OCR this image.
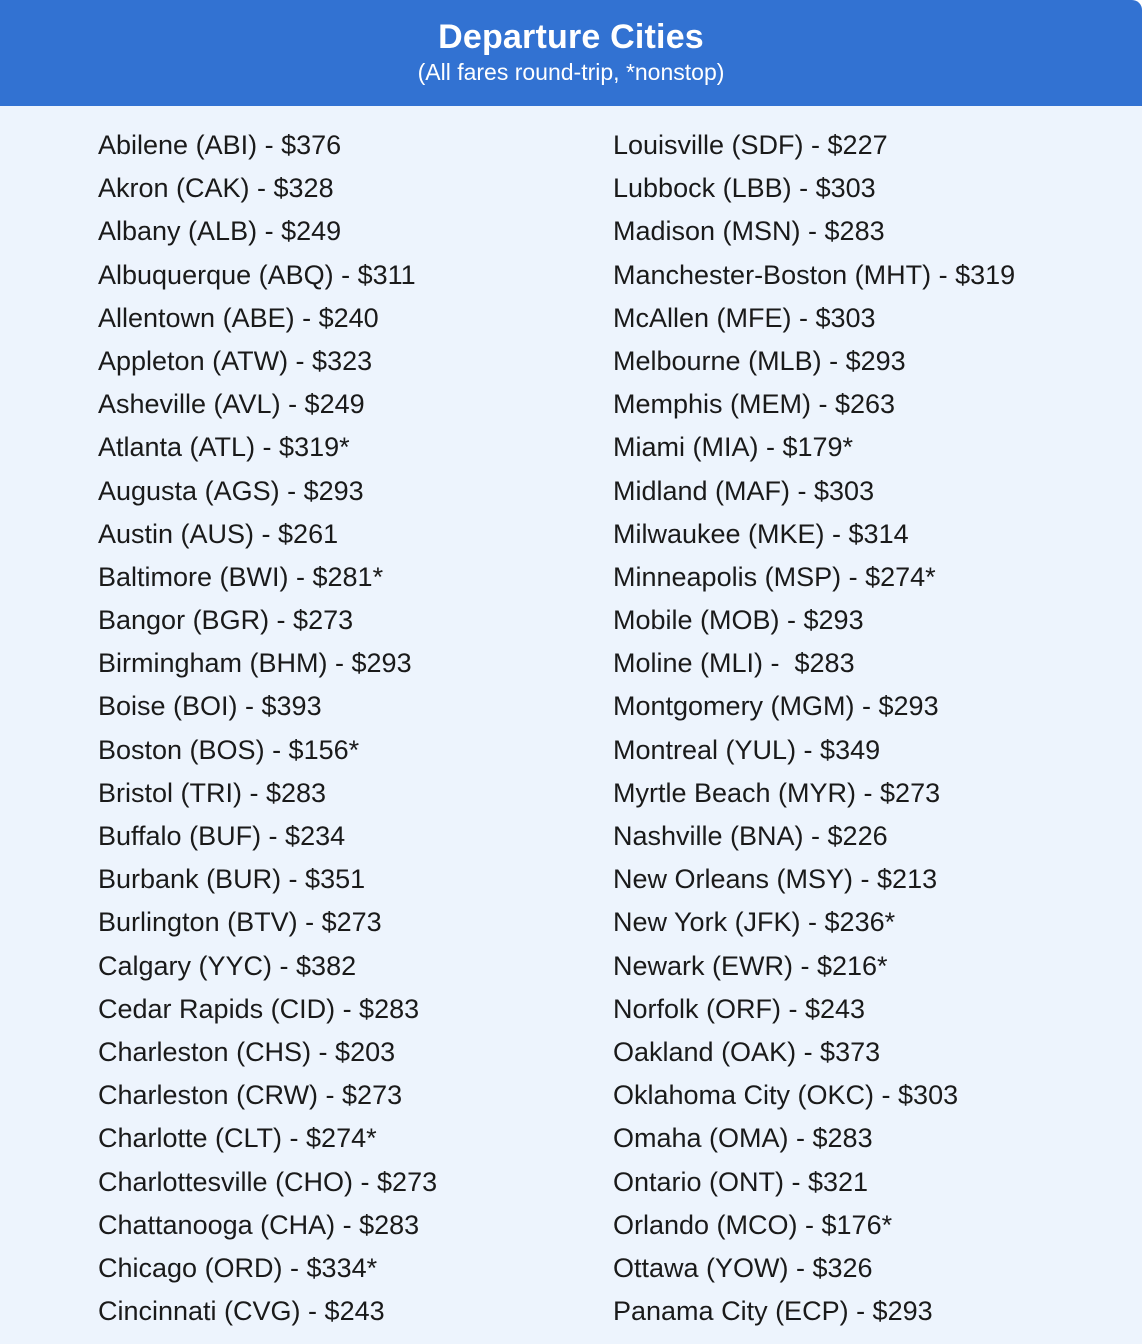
Departure Cities
(All fares round-trip, *nonstop)
Abilene (ABI) - $376
Akron (CAK) - $328
Albany (ALB) - $249
Albuquerque (ABQ) - $311
Allentown (ABE) - $240
Appleton (ATW) - $323
Asheville (AVL) - $249
Atlanta (ATL) - $319*
Augusta (AGS) - $293
Austin (AUS) - $261
Baltimore (BWI) - $281*
Bangor (BGR) - $273
Birmingham (BHM) - $293
Boise (BOI) - $393
Boston (BOS) - $156*
Bristol (TRI) - $283
Buffalo (BUF) - $234
Burbank (BUR) - $351
Burlington (BTV) - $273
Calgary (YYC) - $382
Cedar Rapids (CID) - $283
Charleston (CHS) - $203
Charleston (CRW) - $273
Charlotte (CLT) - $274*
Charlottesville (CHO) - $273
Chattanooga (CHA) - $283
Chicago (ORD) - $334*
Cincinnati (CVG) - $243
Louisville (SDF) - $227
Lubbock (LBB) - $303
Madison (MSN) - $283
Manchester-Boston (MHT) - $319
McAllen (MFE) - $303
Melbourne (MLB) - $293
Memphis (MEM) - $263
Miami (MIA) - $179*
Midland (MAF) - $303
Milwaukee (MKE) - $314
Minneapolis (MSP) - $274*
Mobile (MOB) - $293
Moline (MLI) -  $283
Montgomery (MGM) - $293
Montreal (YUL) - $349
Myrtle Beach (MYR) - $273
Nashville (BNA) - $226
New Orleans (MSY) - $213
New York (JFK) - $236*
Newark (EWR) - $216*
Norfolk (ORF) - $243
Oakland (OAK) - $373
Oklahoma City (OKC) - $303
Omaha (OMA) - $283
Ontario (ONT) - $321
Orlando (MCO) - $176*
Ottawa (YOW) - $326
Panama City (ECP) - $293
